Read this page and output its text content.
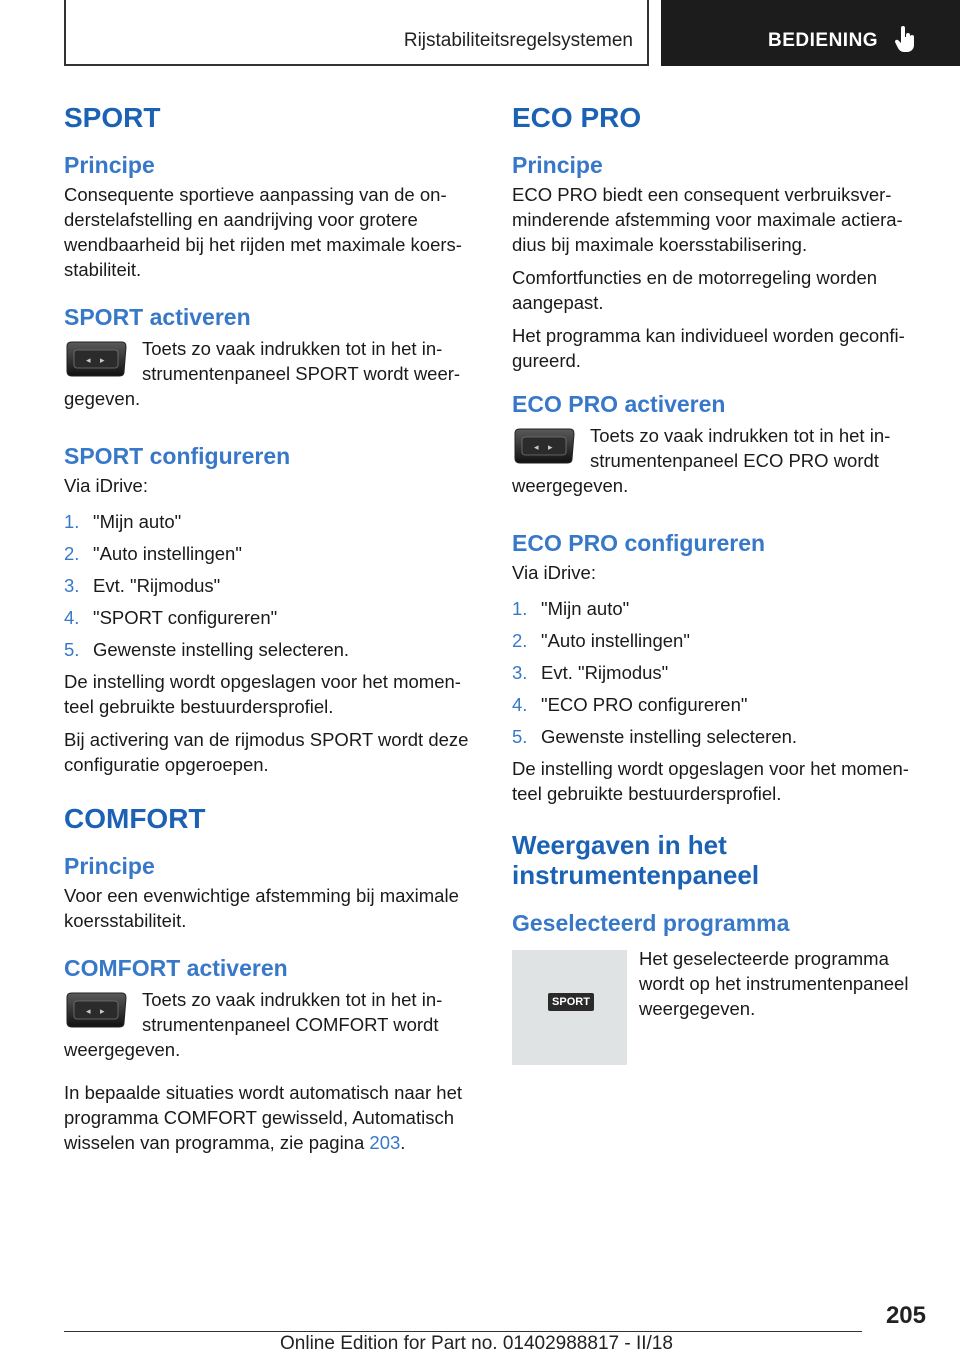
Rijstabiliteitsregelsystemen	BEDIENING
SPORT
Principe

Consequente sportieve aanpassing van de on-derstelafstelling en aandrijving voor grotere wendbaarheid bij het rijden met maximale koers-stabiliteit.

SPORT activeren
◂ ▸
Toets zo vaak indrukken tot in het in-strumentenpaneel SPORT wordt weer-
gegeven.
SPORT configureren

Via iDrive:

1. "Mijn auto"
2. "Auto instellingen"
3. Evt. "Rijmodus"
4. "SPORT configureren"
5. Gewenste instelling selecteren.

De instelling wordt opgeslagen voor het momen-teel gebruikte bestuurdersprofiel.

Bij activering van de rijmodus SPORT wordt deze configuratie opgeroepen.

COMFORT
Principe

Voor een evenwichtige afstemming bij maximale koersstabiliteit.

COMFORT activeren
◂ ▸
Toets zo vaak indrukken tot in het in-strumentenpaneel COMFORT wordt
weergegeven.

In bepaalde situaties wordt automatisch naar het programma COMFORT gewisseld, Automatisch wisselen van programma, zie pagina 203.

ECO PRO
Principe

ECO PRO biedt een consequent verbruiksver-minderende afstemming voor maximale actiera-dius bij maximale koersstabilisering.

Comfortfuncties en de motorregeling worden aangepast.

Het programma kan individueel worden geconfi-gureerd.

ECO PRO activeren
◂ ▸
Toets zo vaak indrukken tot in het in-strumentenpaneel ECO PRO wordt
weergegeven.
ECO PRO configureren

Via iDrive:

1. "Mijn auto"
2. "Auto instellingen"
3. Evt. "Rijmodus"
4. "ECO PRO configureren"
5. Gewenste instelling selecteren.

De instelling wordt opgeslagen voor het momen-teel gebruikte bestuurdersprofiel.

Weergaven in het
instrumentenpaneel
Geselecteerd programma
SPORT
Het geselecteerde programma wordt op het instrumentenpaneel weergegeven.
205
Online Edition for Part no. 01402988817 - II/18
